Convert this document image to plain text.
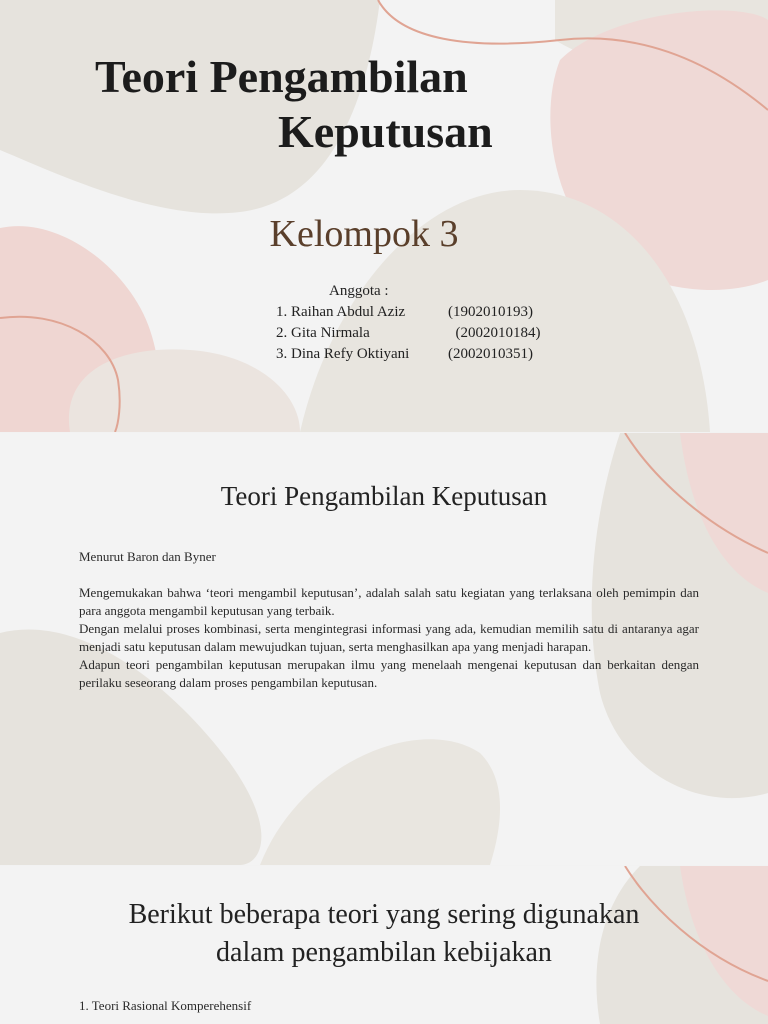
Teori Pengambilan
Keputusan
Kelompok 3
Anggota :
1. Raihan Abdul Aziz	(1902010193)
2. Gita Nirmala	(2002010184)
3. Dina Refy Oktiyani	(2002010351)
Teori Pengambilan Keputusan

Menurut Baron dan Byner

Mengemukakan bahwa ‘teori mengambil keputusan’, adalah salah satu kegiatan yang terlaksana oleh pemimpin dan para anggota mengambil keputusan yang terbaik.

Dengan melalui proses kombinasi, serta mengintegrasi informasi yang ada, kemudian memilih satu di antaranya agar menjadi satu keputusan dalam mewujudkan tujuan, serta menghasilkan apa yang menjadi harapan.

Adapun teori pengambilan keputusan merupakan ilmu yang menelaah mengenai keputusan dan berkaitan dengan perilaku seseorang dalam proses pengambilan keputusan.

Berikut beberapa teori yang sering digunakan
dalam pengambilan kebijakan
1. Teori Rasional Komperehensif
